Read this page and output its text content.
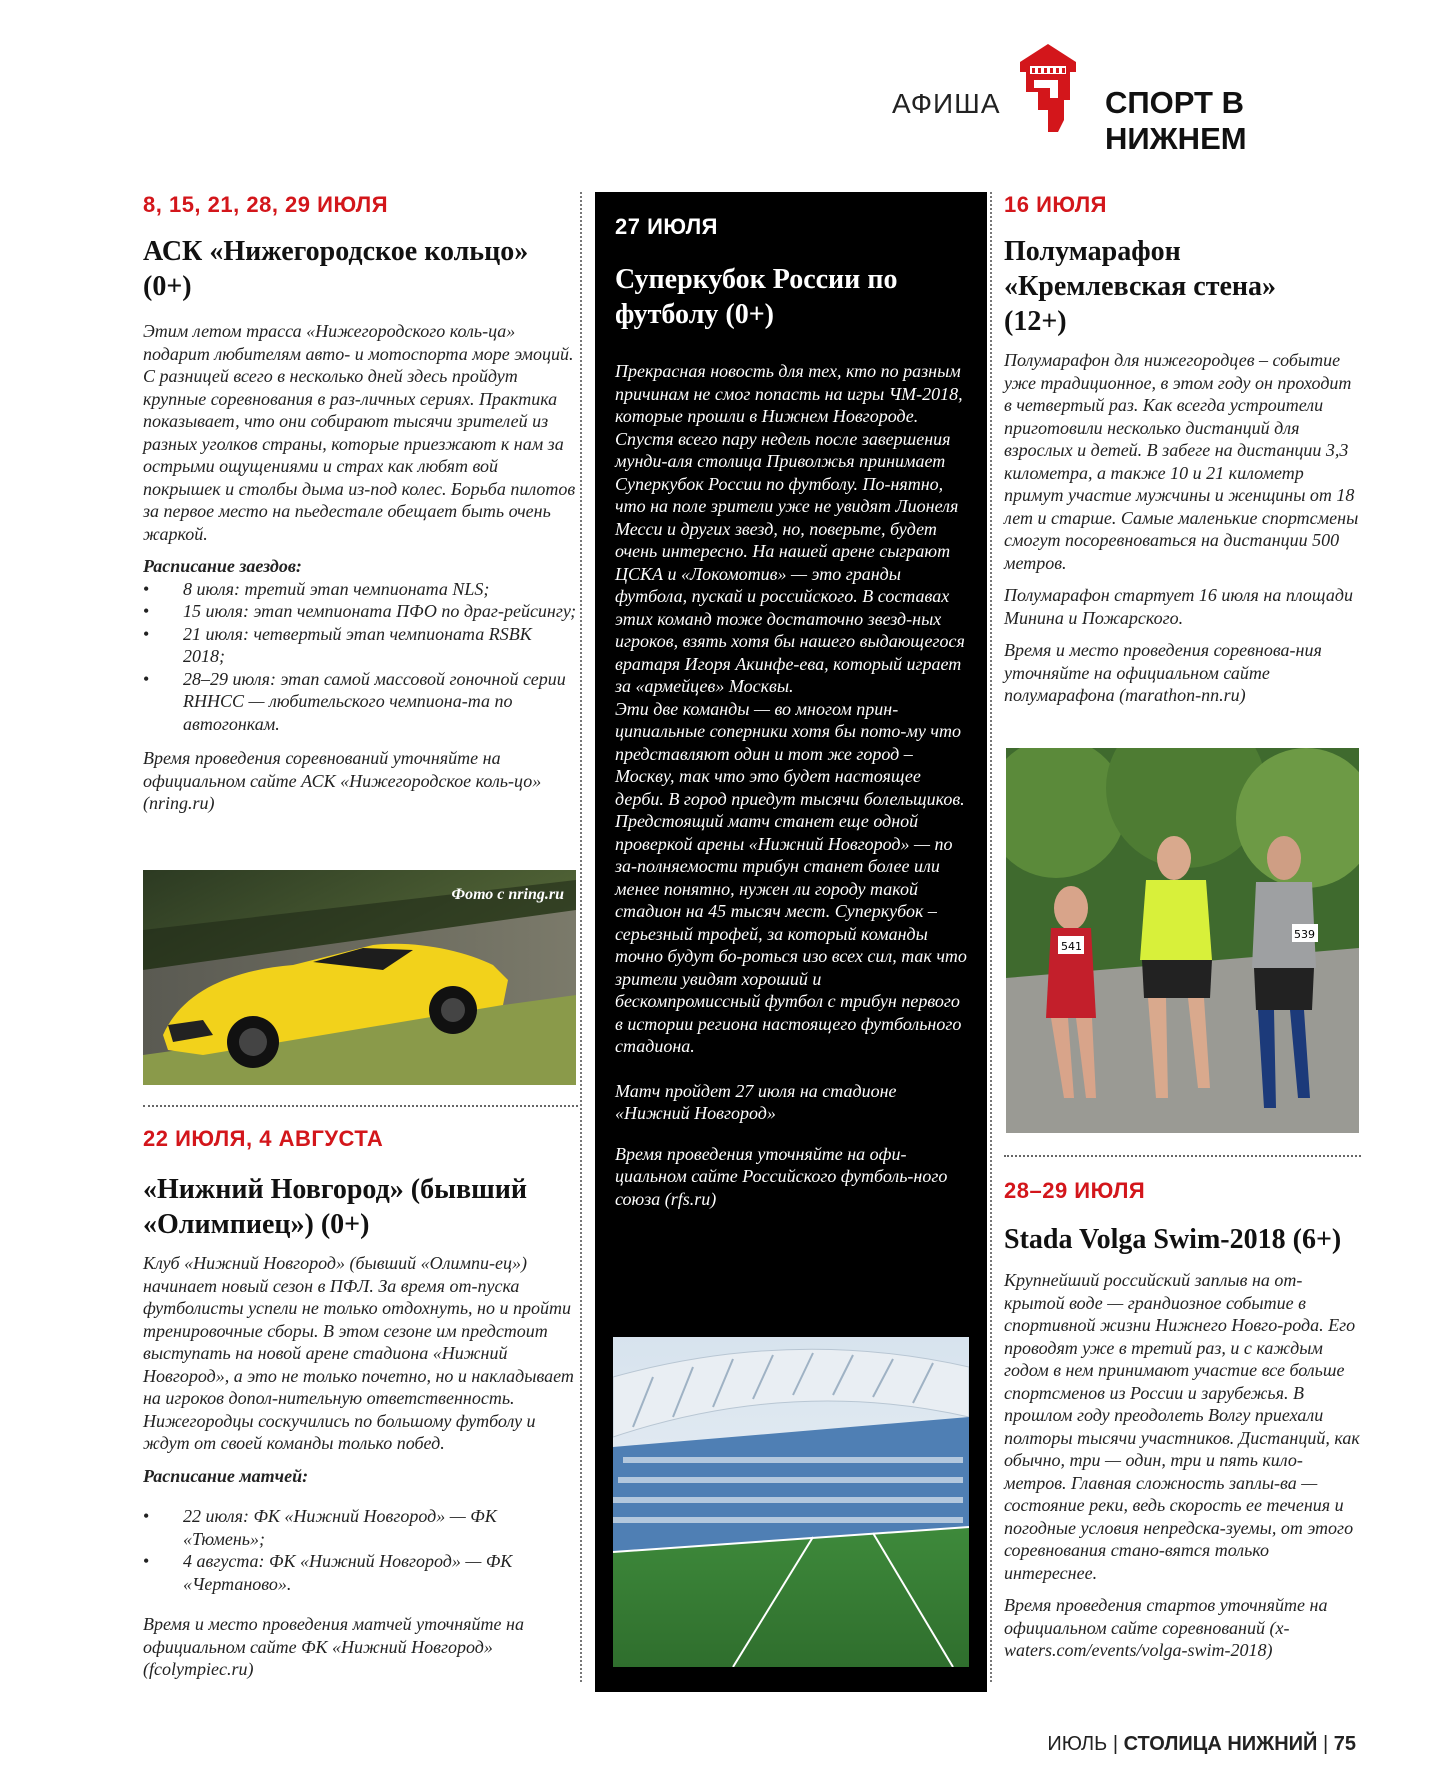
АФИША	СПОРТ В НИЖНЕМ
8, 15, 21, 28, 29 ИЮЛЯ
АСК «Нижегородское кольцо» (0+)

Этим летом трасса «Нижегородского коль-ца» подарит любителям авто- и мотоспорта море эмоций. С разницей всего в несколько дней здесь пройдут крупные соревнования в раз-личных сериях. Практика показывает, что они собирают тысячи зрителей из разных уголков страны, которые приезжают к нам за острыми ощущениями и страх как любят вой покрышек и столбы дыма из-под колес. Борьба пилотов за первое место на пьедестале обещает быть очень жаркой.

Расписание заездов:
• 8 июля: третий этап чемпионата NLS;
• 15 июля: этап чемпионата ПФО по драг-рейсингу;
• 21 июля: четвертый этап чемпионата RSBK 2018;
• 28–29 июля: этап самой массовой гоночной серии RHHCC — любительского чемпиона-та по автогонкам.

Время проведения соревнований уточняйте на официальном сайте АСК «Нижегородское коль-цо» (nring.ru)

Фото с nring.ru
22 ИЮЛЯ, 4 АВГУСТА
«Нижний Новгород» (бывший «Олимпиец») (0+)

Клуб «Нижний Новгород» (бывший «Олимпи-ец») начинает новый сезон в ПФЛ. За время от-пуска футболисты успели не только отдохнуть, но и пройти тренировочные сборы. В этом сезоне им предстоит выступать на новой арене стадиона «Нижний Новгород», а это не только почетно, но и накладывает на игроков допол-нительную ответственность. Нижегородцы соскучились по большому футболу и ждут от своей команды только побед.

Расписание матчей:
• 22 июля: ФК «Нижний Новгород» — ФК «Тюмень»;
• 4 августа: ФК «Нижний Новгород» — ФК «Чертаново».

Время и место проведения матчей уточняйте на официальном сайте ФК «Нижний Новгород» (fcolympiec.ru)

27 ИЮЛЯ
Суперкубок России по футболу (0+)

Прекрасная новость для тех, кто по разным причинам не смог попасть на игры ЧМ-2018, которые прошли в Нижнем Новгороде. Спустя всего пару недель после завершения мунди-аля столица Приволжья принимает Суперкубок России по футболу. По-нятно, что на поле зрители уже не увидят Лионеля Месси и других звезд, но, поверьте, будет очень интересно. На нашей арене сыграют ЦСКА и «Локомотив» — это гранды футбола, пускай и российского. В составах этих команд тоже достаточно звезд-ных игроков, взять хотя бы нашего выдающегося вратаря Игоря Акинфе-ева, который играет за «армейцев» Москвы.

Эти две команды — во многом прин-ципиальные соперники хотя бы пото-му что представляют один и тот же город – Москву, так что это будет настоящее дерби. В город приедут тысячи болельщиков. Предстоящий матч станет еще одной проверкой арены «Нижний Новгород» — по за-полняемости трибун станет более или менее понятно, нужен ли городу такой стадион на 45 тысяч мест. Суперкубок – серьезный трофей, за который команды точно будут бо-роться изо всех сил, так что зрители увидят хороший и бескомпромиссный футбол с трибун первого в истории региона настоящего футбольного стадиона.

Матч пройдет 27 июля на стадионе «Нижний Новгород»

Время проведения уточняйте на офи-циальном сайте Российского футболь-ного союза (rfs.ru)

16 ИЮЛЯ
Полумарафон «Кремлевская стена» (12+)

Полумарафон для нижегородцев – событие уже традиционное, в этом году он проходит в четвертый раз. Как всегда устроители приготовили несколько дистанций для взрослых и детей. В забеге на дистанции 3,3 километра, а также 10 и 21 километр примут участие мужчины и женщины от 18 лет и старше. Самые маленькие спортсмены смогут посоревноваться на дистанции 500 метров.

Полумарафон стартует 16 июля на площади Минина и Пожарского.

Время и место проведения соревнова-ния уточняйте на официальном сайте полумарафона (marathon-nn.ru)

541
539
28–29 ИЮЛЯ
Stada Volga Swim-2018 (6+)

Крупнейший российский заплыв на от-крытой воде — грандиозное событие в спортивной жизни Нижнего Новго-рода. Его проводят уже в третий раз, и с каждым годом в нем принимают участие все больше спортсменов из России и зарубежья. В прошлом году преодолеть Волгу приехали полторы тысячи участников. Дистанций, как обычно, три — один, три и пять кило-метров. Главная сложность заплы-ва — состояние реки, ведь скорость ее течения и погодные условия непредска-зуемы, от этого соревнования стано-вятся только интереснее.

Время проведения стартов уточняйте на официальном сайте соревнований (x-waters.com/events/volga-swim-2018)

ИЮЛЬ | СТОЛИЦА НИЖНИЙ | 75
